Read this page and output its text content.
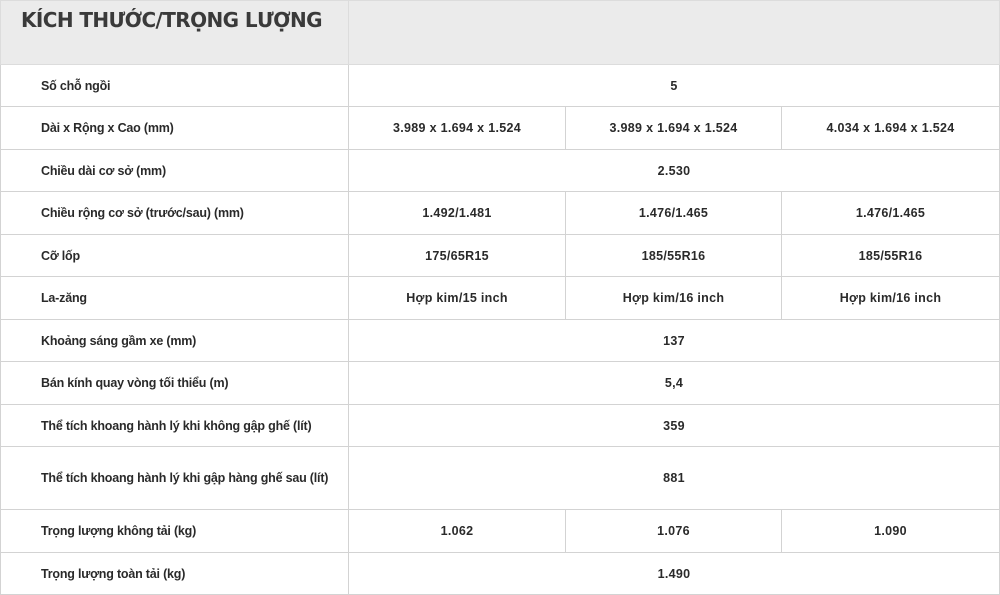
KÍCH THƯỚC/TRỌNG LƯỢNG			
Số chỗ ngồi	5		
Dài x Rộng x Cao (mm)	3.989 x 1.694 x 1.524	3.989 x 1.694 x 1.524	4.034 x 1.694 x 1.524
Chiều dài cơ sở (mm)	2.530		
Chiều rộng cơ sở (trước/sau) (mm)	1.492/1.481	1.476/1.465	1.476/1.465
Cỡ lốp	175/65R15	185/55R16	185/55R16
La-zăng	Hợp kim/15 inch	Hợp kim/16 inch	Hợp kim/16 inch
Khoảng sáng gầm xe (mm)	137		
Bán kính quay vòng tối thiểu (m)	5,4		
Thể tích khoang hành lý khi không gập ghế (lít)	359		
Thể tích khoang hành lý khi gập hàng ghế sau (lít)	881		
Trọng lượng không tải (kg)	1.062	1.076	1.090
Trọng lượng toàn tải (kg)	1.490		
